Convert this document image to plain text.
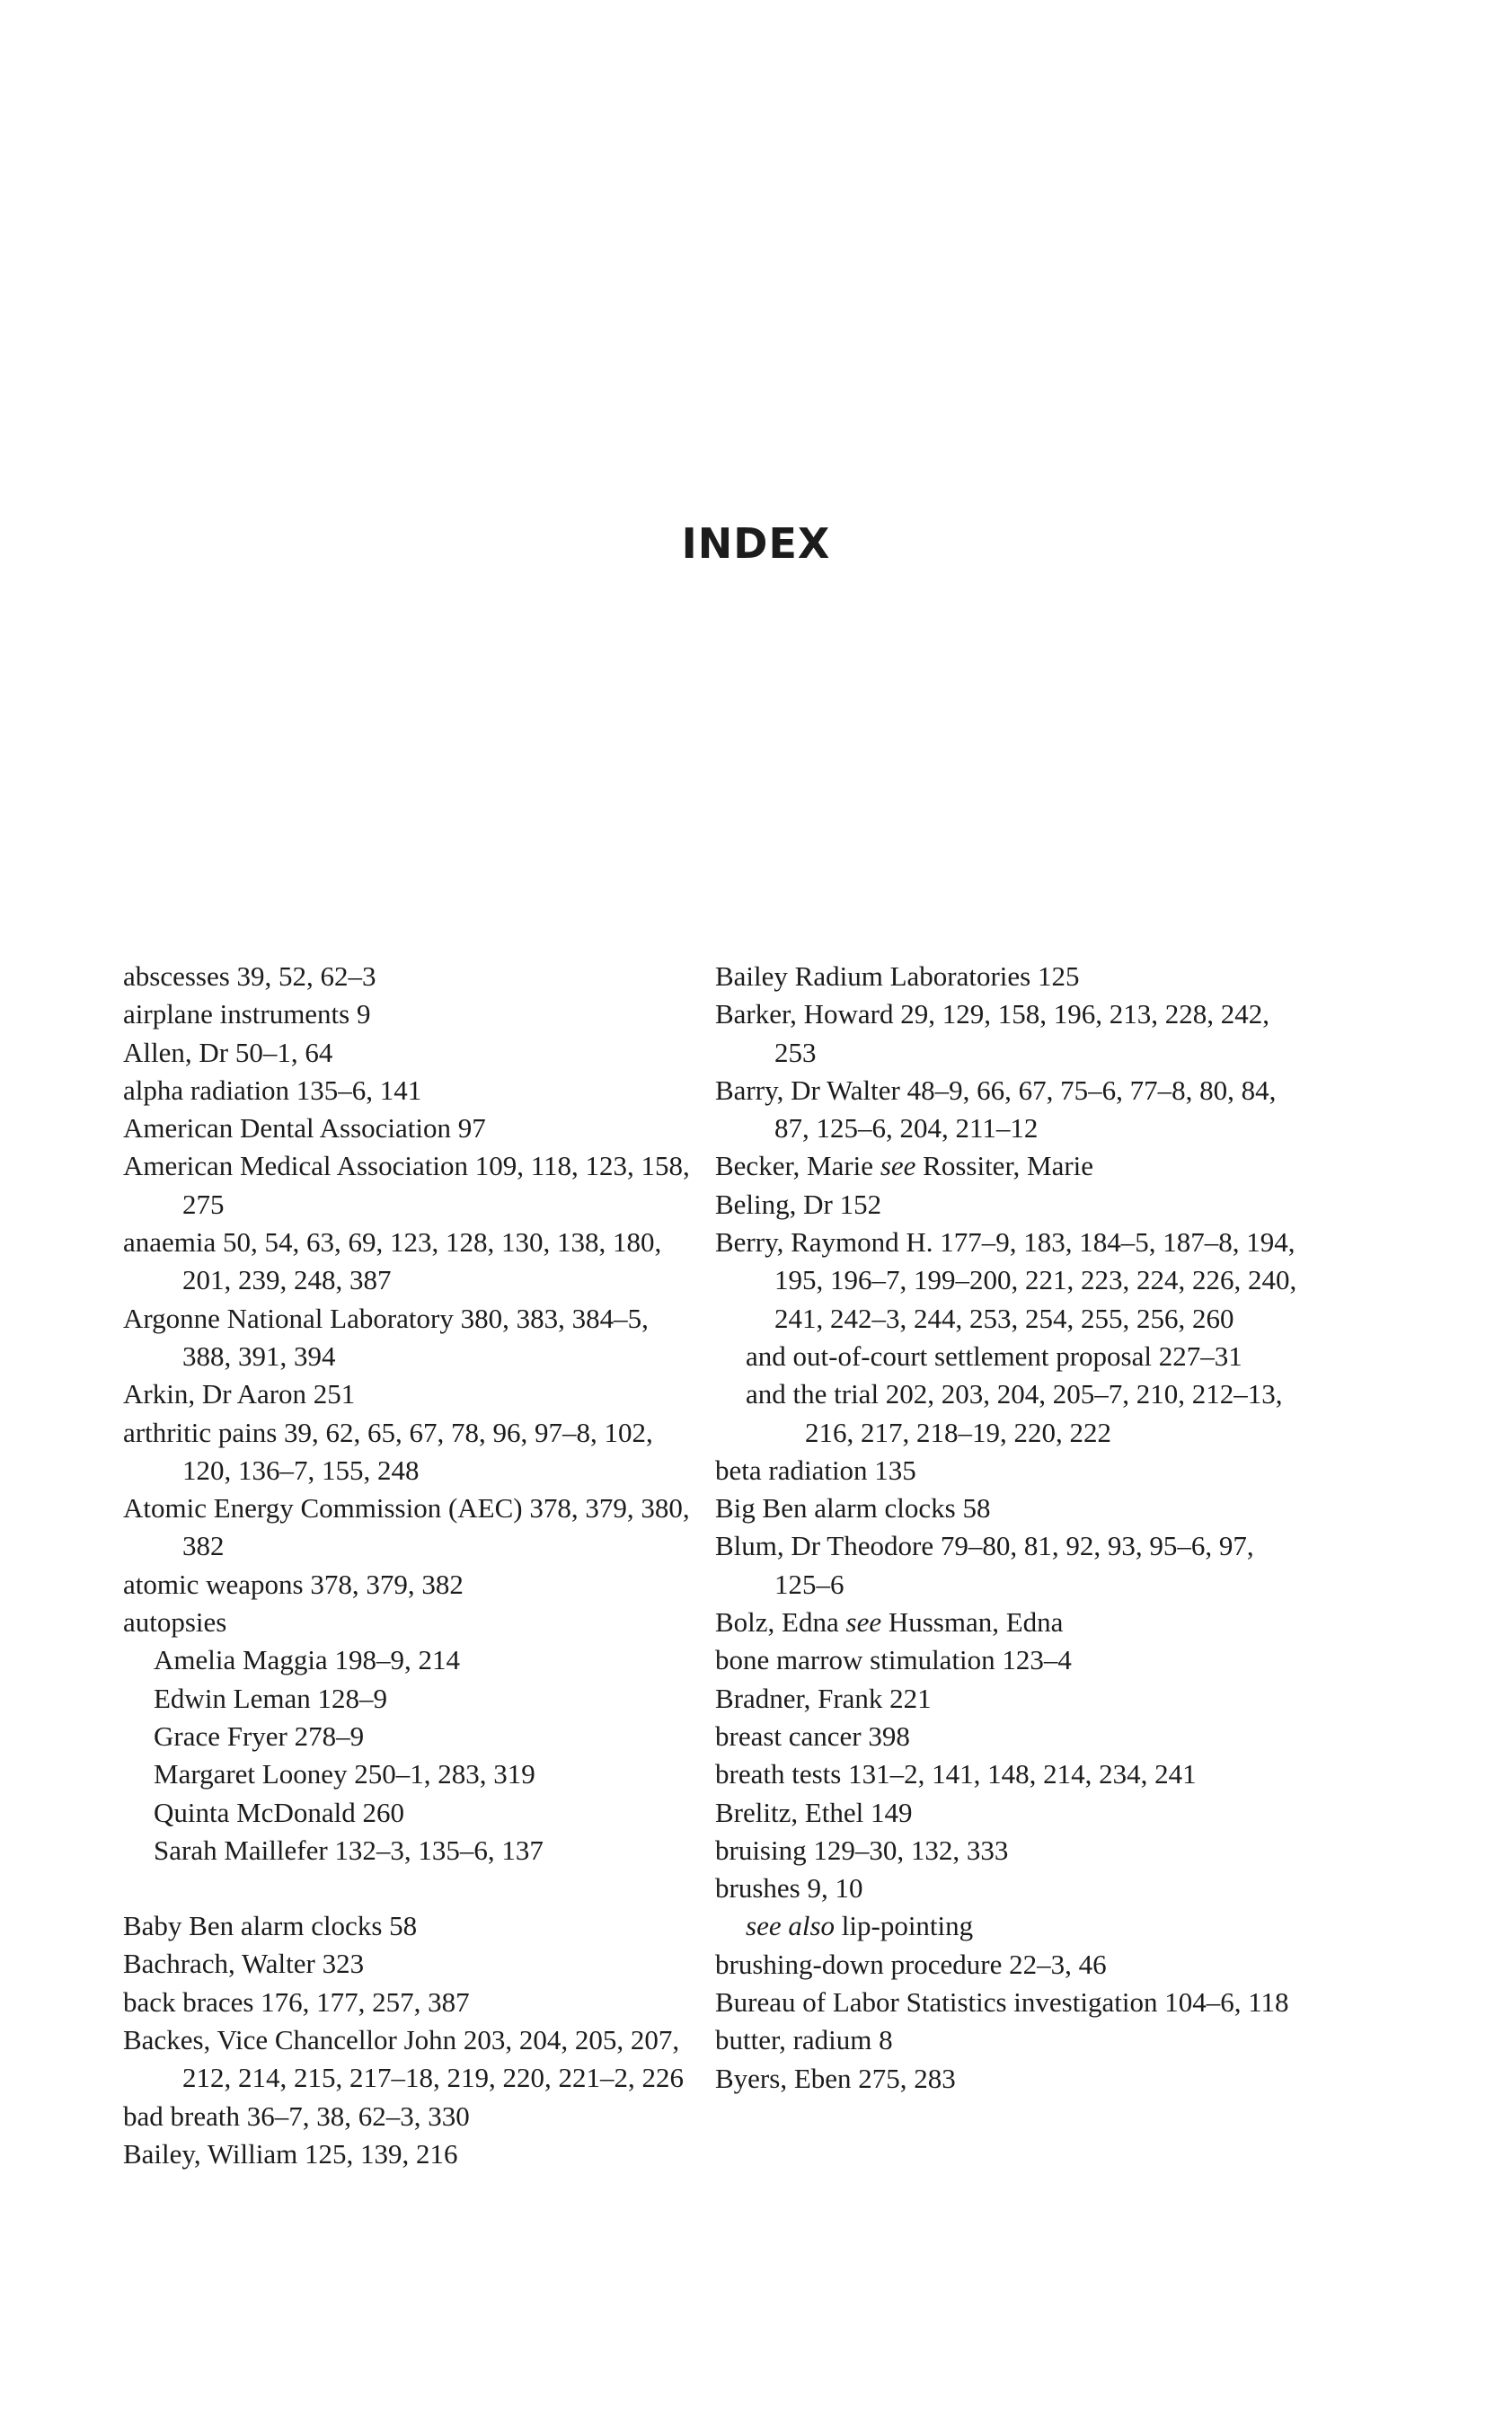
INDEX
abscesses 39, 52, 62–3
airplane instruments 9
Allen, Dr 50–1, 64
alpha radiation 135–6, 141
American Dental Association 97
American Medical Association 109, 118, 123, 158, 275
anaemia 50, 54, 63, 69, 123, 128, 130, 138, 180, 201, 239, 248, 387
Argonne National Laboratory 380, 383, 384–5, 388, 391, 394
Arkin, Dr Aaron 251
arthritic pains 39, 62, 65, 67, 78, 96, 97–8, 102, 120, 136–7, 155, 248
Atomic Energy Commission (AEC) 378, 379, 380, 382
atomic weapons 378, 379, 382
autopsies
Amelia Maggia 198–9, 214
Edwin Leman 128–9
Grace Fryer 278–9
Margaret Looney 250–1, 283, 319
Quinta McDonald 260
Sarah Maillefer 132–3, 135–6, 137
Baby Ben alarm clocks 58
Bachrach, Walter 323
back braces 176, 177, 257, 387
Backes, Vice Chancellor John 203, 204, 205, 207, 212, 214, 215, 217–18, 219, 220, 221–2, 226
bad breath 36–7, 38, 62–3, 330
Bailey, William 125, 139, 216
Bailey Radium Laboratories 125
Barker, Howard 29, 129, 158, 196, 213, 228, 242, 253
Barry, Dr Walter 48–9, 66, 67, 75–6, 77–8, 80, 84, 87, 125–6, 204, 211–12
Becker, Marie see Rossiter, Marie
Beling, Dr 152
Berry, Raymond H. 177–9, 183, 184–5, 187–8, 194, 195, 196–7, 199–200, 221, 223, 224, 226, 240, 241, 242–3, 244, 253, 254, 255, 256, 260
and out-of-court settlement proposal 227–31
and the trial 202, 203, 204, 205–7, 210, 212–13, 216, 217, 218–19, 220, 222
beta radiation 135
Big Ben alarm clocks 58
Blum, Dr Theodore 79–80, 81, 92, 93, 95–6, 97, 125–6
Bolz, Edna see Hussman, Edna
bone marrow stimulation 123–4
Bradner, Frank 221
breast cancer 398
breath tests 131–2, 141, 148, 214, 234, 241
Brelitz, Ethel 149
bruising 129–30, 132, 333
brushes 9, 10
see also lip-pointing
brushing-down procedure 22–3, 46
Bureau of Labor Statistics investigation 104–6, 118
butter, radium 8
Byers, Eben 275, 283
